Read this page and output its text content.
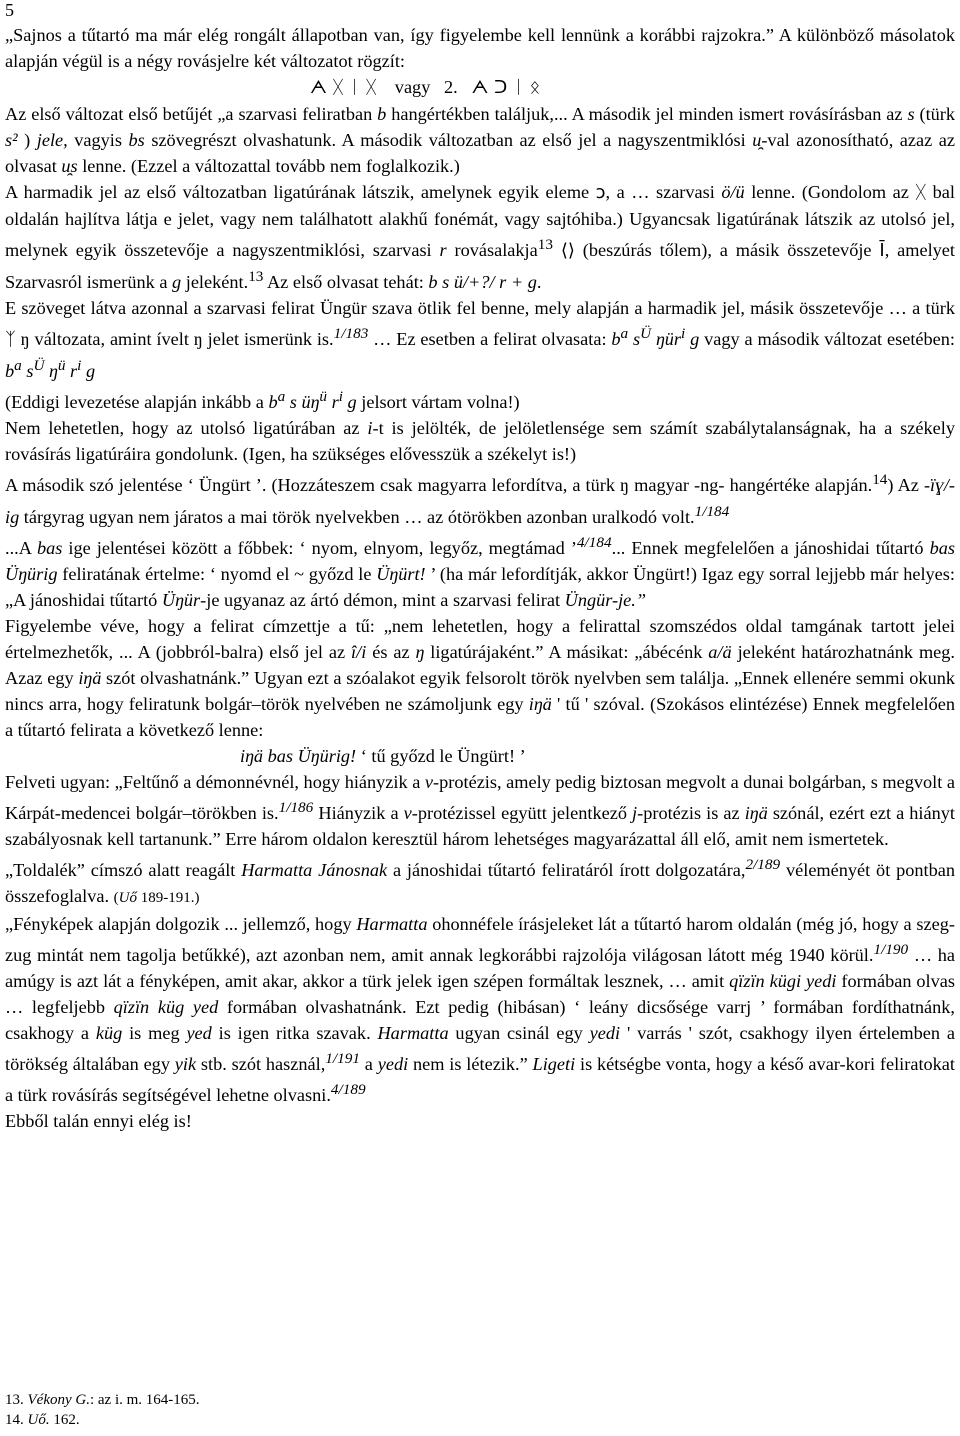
5

„Sajnos a tűtartó ma már elég rongált állapotban van, így figyelembe kell lennünk a korábbi rajzokra.” A különböző másolatok alapján végül is a négy rovásjelre két változatot rögzít:

ᗅ ᚷ ᛁ ᚷ    vagy   2.   ᗅ ᑐ ᛁ ᛟ

Az első változat első betűjét „a szarvasi feliratban b hangértékben találjuk,... A második jel minden ismert rovásírásban az s (türk s² ) jele, vagyis bs szövegrészt olvashatunk. A második változatban az első jel a nagyszentmiklósi u̯-val azonosítható, azaz az olvasat u̯s lenne. (Ezzel a változattal tovább nem foglalkozik.)

A harmadik jel az első változatban ligatúrának látszik, amelynek egyik eleme ↄ, a … szarvasi ö/ü lenne. (Gondolom az ᚷ bal oldalán hajlítva látja e jelet, vagy nem találhatott alakhű fonémát, vagy sajtóhiba.) Ugyancsak ligatúrának látszik az utolsó jel, melynek egyik összetevője a nagyszentmiklósi, szarvasi r rovásalakja$^{13}$ ⟨⟩ (beszúrás tőlem), a másik összetevője Ī, amelyet Szarvasról ismerünk a g jeleként.$^{13}$ Az első olvasat tehát: b s ü/+?/ r + g.

E szöveget látva azonnal a szarvasi felirat Üngür szava ötlik fel benne, mely alapján a harmadik jel, másik összetevője … a türk ᛉ ŋ változata, amint ívelt ŋ jelet ismerünk is.$^{1/183}$ … Ez esetben a felirat olvasata: $b^a$ $s^Ü$ ŋür$^i$ g vagy a második változat esetében: $b^a$ $s^Ü$ $ŋ^ü$ $r^i$ g

(Eddigi levezetése alapján inkább a $b^a$ s $üŋ^ü$ $r^i$ g jelsort vártam volna!)

Nem lehetetlen, hogy az utolsó ligatúrában az i-t is jelölték, de jelöletlensége sem számít szabálytalanságnak, ha a székely rovásírás ligatúráira gondolunk. (Igen, ha szükséges elővesszük a székelyt is!)

A második szó jelentése ‘ Üngürt ’. (Hozzáteszem csak magyarra lefordítva, a türk ŋ magyar -ng- hangértéke alapján.$^{14}$) Az -ïɣ/-ig tárgyrag ugyan nem járatos a mai török nyelvekben … az ótörökben azonban uralkodó volt.$^{1/184}$

...A bas ige jelentései között a főbbek: ‘ nyom, elnyom, legyőz, megtámad ’$^{4/184}$... Ennek megfelelően a jánoshidai tűtartó bas Üŋürig feliratának értelme: ‘ nyomd el ~ győzd le Üŋürt! ’ (ha már lefordítják, akkor Üngürt!) Igaz egy sorral lejjebb már helyes: „A jánoshidai tűtartó Üŋür-je ugyanaz az ártó démon, mint a szarvasi felirat Üngür-je.”

Figyelembe véve, hogy a felirat címzettje a tű: „nem lehetetlen, hogy a felirattal szomszédos oldal tamgának tartott jelei értelmezhetők, ... A (jobbról-balra) első jel az î/i és az ŋ ligatúrájaként.” A másikat: „ábécénk a/ä jeleként határozhatnánk meg. Azaz egy iŋä szót olvashatnánk.” Ugyan ezt a szóalakot egyik felsorolt török nyelvben sem találja. „Ennek ellenére semmi okunk nincs arra, hogy feliratunk bolgár–török nyelvében ne számoljunk egy iŋä ' tű ' szóval. (Szokásos elintézése) Ennek megfelelően a tűtartó felirata a következő lenne:

iŋä bas Üŋürig! ‘ tű győzd le Üngürt! ’

Felveti ugyan: „Feltűnő a démonnévnél, hogy hiányzik a v-protézis, amely pedig biztosan megvolt a dunai bolgárban, s megvolt a Kárpát-medencei bolgár–törökben is.$^{1/186}$ Hiányzik a v-protézissel együtt jelentkező j-protézis is az iŋä szónál, ezért ezt a hiányt szabályosnak kell tartanunk.” Erre három oldalon keresztül három lehetséges magyarázattal áll elő, amit nem ismertetek.

„Toldalék” címszó alatt reagált Harmatta Jánosnak a jánoshidai tűtartó feliratáról írott dolgozatára,$^{2/189}$ véleményét öt pontban összefoglalva. (Uő 189-191.)

„Fényképek alapján dolgozik ... jellemző, hogy Harmatta ohonnéfele írásjeleket lát a tűtartó harom oldalán (még jó, hogy a szeg-zug mintát nem tagolja betűkké), azt azonban nem, amit annak legkorábbi rajzolója világosan látott még 1940 körül.$^{1/190}$ … ha amúgy is azt lát a fényképen, amit akar, akkor a türk jelek igen szépen formáltak lesznek, … amit qïzïn kügi yedi formában olvas … legfeljebb qïzïn küg yed formában olvashatnánk. Ezt pedig (hibásan) ‘ leány dicsősége varrj ’ formában fordíthatnánk, csakhogy a küg is meg yed is igen ritka szavak. Harmatta ugyan csinál egy yedi ' varrás ' szót, csakhogy ilyen értelemben a törökség általában egy yik stb. szót használ,$^{1/191}$ a yedi nem is létezik.” Ligeti is kétségbe vonta, hogy a késő avar-kori feliratokat a türk rovásírás segítségével lehetne olvasni.$^{4/189}$

Ebből talán ennyi elég is!

13. Vékony G.: az i. m. 164-165.

14. Uő. 162.
